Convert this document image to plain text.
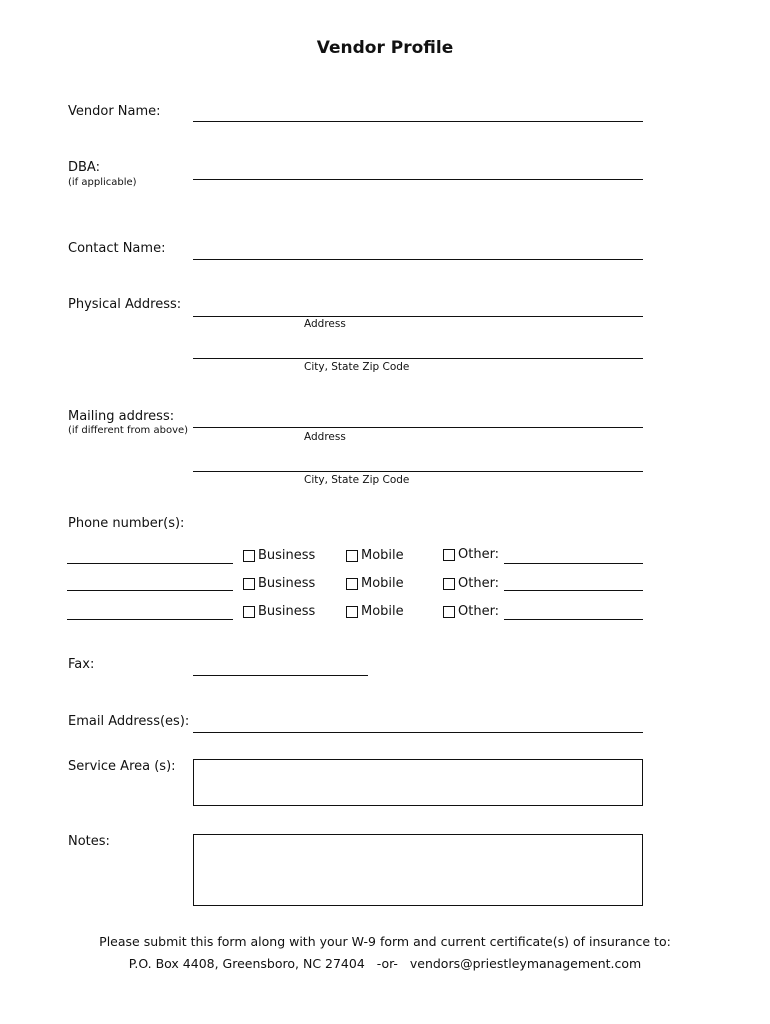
Vendor Profile
Vendor Name:
DBA:
(if applicable)
Contact Name:
Physical Address:
Address
City, State Zip Code
Mailing address:
(if different from above)
Address
City, State Zip Code
Phone number(s):
Business	Mobile	Other:
Business	Mobile	Other:
Business	Mobile	Other:
Fax:
Email Address(es):
Service Area (s):
Notes:
Please submit this form along with your W-9 form and current certificate(s) of insurance to:
P.O. Box 4408, Greensboro, NC 27404   -or-   vendors@priestleymanagement.com
